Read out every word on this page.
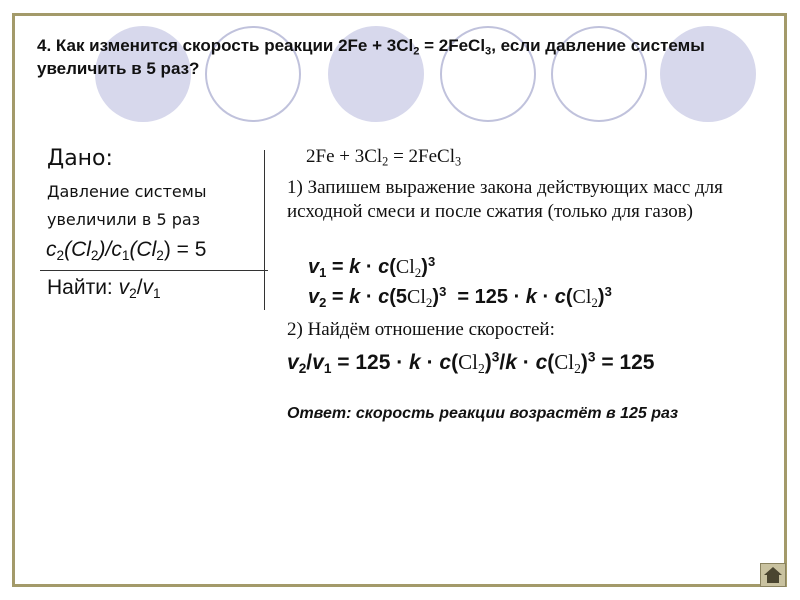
4. Как изменится скорость реакции $2Fe + 3Cl_2$ = 2FeCl$_3$, если давление системы увеличить в 5 раз?
Дано:
Давление системы
увеличили в 5 раз
$c_2(Cl_2)/c_1(Cl_2) = 5$
Найти: $v_2/v_1$
$2Fe + 3Cl_2$ = 2FeCl$_3$
1) Запишем выражение закона действующих масс для исходной смеси и после сжатия (только для газов)
$v_1 = k \cdot c(Cl_2)^3$
$v_2 = k \cdot c(5Cl_2)^3 = 125 \cdot k \cdot c(Cl_2)^3$
2) Найдём отношение скоростей:
$v_2/v_1 = 125 \cdot k \cdot c(Cl_2)^3/k \cdot c(Cl_2)^3 = 125$
Ответ: скорость реакции возрастёт в 125 раз
